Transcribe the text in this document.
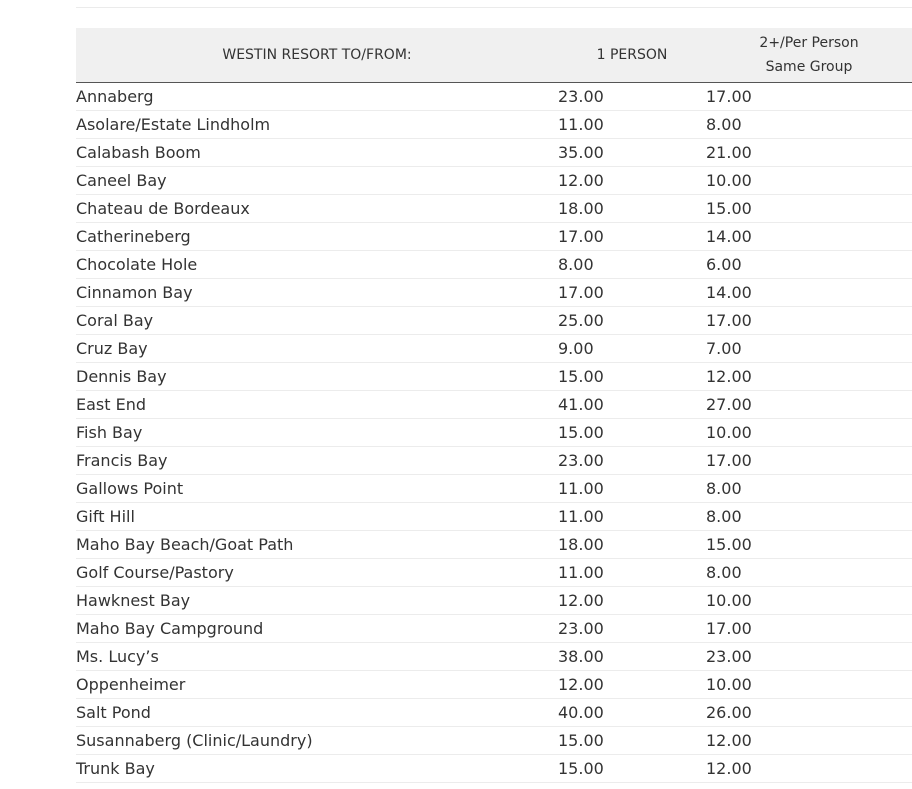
WESTIN RESORT TO/FROM:	1 PERSON	2+/Per Person
Same Group

Annaberg	23.00	17.00
Asolare/Estate Lindholm	11.00	8.00
Calabash Boom	35.00	21.00
Caneel Bay	12.00	10.00
Chateau de Bordeaux	18.00	15.00
Catherineberg	17.00	14.00
Chocolate Hole	8.00	6.00
Cinnamon Bay	17.00	14.00
Coral Bay	25.00	17.00
Cruz Bay	9.00	7.00
Dennis Bay	15.00	12.00
East End	41.00	27.00
Fish Bay	15.00	10.00
Francis Bay	23.00	17.00
Gallows Point	11.00	8.00
Gift Hill	11.00	8.00
Maho Bay Beach/Goat Path	18.00	15.00
Golf Course/Pastory	11.00	8.00
Hawknest Bay	12.00	10.00
Maho Bay Campground	23.00	17.00
Ms. Lucy’s	38.00	23.00
Oppenheimer	12.00	10.00
Salt Pond	40.00	26.00
Susannaberg (Clinic/Laundry)	15.00	12.00
Trunk Bay	15.00	12.00
